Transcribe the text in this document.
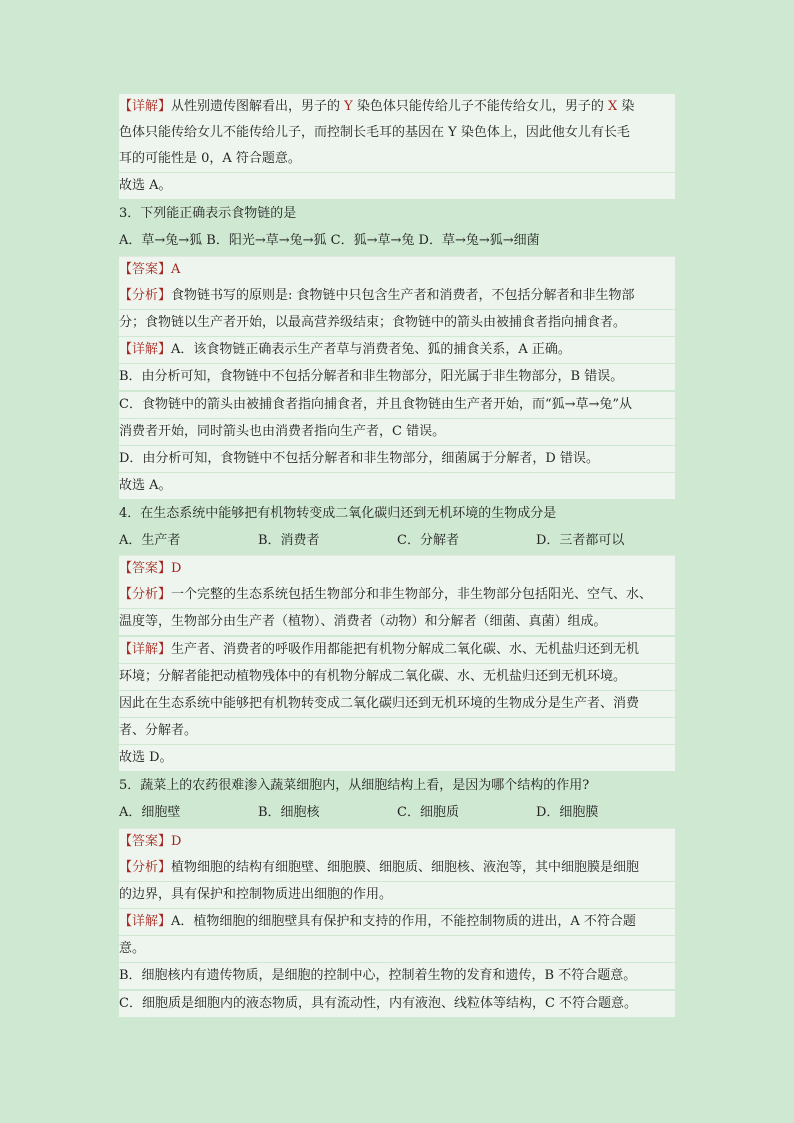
【详解】从性别遗传图解看出，男子的 Y 染色体只能传给儿子不能传给女儿，男子的 X 染
色体只能传给女儿不能传给儿子，而控制长毛耳的基因在 Y 染色体上，因此他女儿有长毛
耳的可能性是 0，A 符合题意。
故选 A。
3．下列能正确表示食物链的是
A．草→兔→狐 B．阳光→草→兔→狐 C．狐→草→兔 D．草→兔→狐→细菌
【答案】A
【分析】食物链书写的原则是: 食物链中只包含生产者和消费者，不包括分解者和非生物部
分；食物链以生产者开始，以最高营养级结束；食物链中的箭头由被捕食者指向捕食者。
【详解】A．该食物链正确表示生产者草与消费者兔、狐的捕食关系，A 正确。
B．由分析可知，食物链中不包括分解者和非生物部分，阳光属于非生物部分，B 错误。
C．食物链中的箭头由被捕食者指向捕食者，并且食物链由生产者开始，而“狐→草→兔”从
消费者开始，同时箭头也由消费者指向生产者，C 错误。
D．由分析可知，食物链中不包括分解者和非生物部分，细菌属于分解者，D 错误。
故选 A。
4．在生态系统中能够把有机物转变成二氧化碳归还到无机环境的生物成分是
A．生产者	B．消费者	C．分解者	D．三者都可以
【答案】D
【分析】一个完整的生态系统包括生物部分和非生物部分，非生物部分包括阳光、空气、水、
温度等，生物部分由生产者（植物）、消费者（动物）和分解者（细菌、真菌）组成。
【详解】生产者、消费者的呼吸作用都能把有机物分解成二氧化碳、水、无机盐归还到无机
环境；分解者能把动植物残体中的有机物分解成二氧化碳、水、无机盐归还到无机环境。
因此在生态系统中能够把有机物转变成二氧化碳归还到无机环境的生物成分是生产者、消费
者、分解者。
故选 D。
5．蔬菜上的农药很难渗入蔬菜细胞内，从细胞结构上看，是因为哪个结构的作用?
A．细胞壁	B．细胞核	C．细胞质	D．细胞膜
【答案】D
【分析】植物细胞的结构有细胞壁、细胞膜、细胞质、细胞核、液泡等，其中细胞膜是细胞
的边界，具有保护和控制物质进出细胞的作用。
【详解】A．植物细胞的细胞壁具有保护和支持的作用，不能控制物质的进出，A 不符合题
意。
B．细胞核内有遗传物质，是细胞的控制中心，控制着生物的发育和遗传，B 不符合题意。
C．细胞质是细胞内的液态物质，具有流动性，内有液泡、线粒体等结构，C 不符合题意。
